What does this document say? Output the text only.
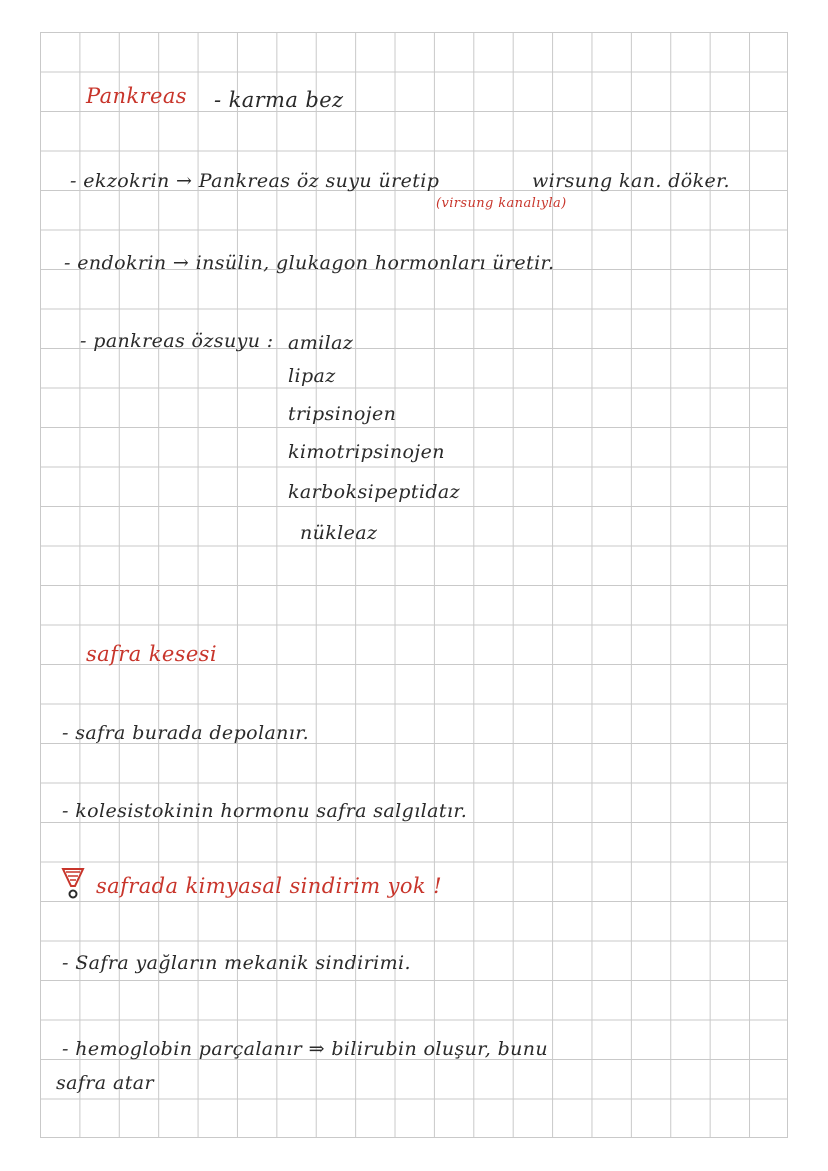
Pankreas - karma bez
- ekzokrin → Pankreas öz suyu üretip	wirsung kan. döker.
(virsung kanalıyla)
- endokrin → insülin, glukagon hormonları üretir.
- pankreas özsuyu : amilaz
lipaz
tripsinojen
kimotripsinojen
karboksipeptidaz
nükleaz
safra kesesi
- safra burada depolanır.
- kolesistokinin hormonu safra salgılatır.
safrada kimyasal sindirim yok !
- Safra yağların mekanik sindirimi.
- hemoglobin parçalanır ⇒ bilirubin oluşur, bunu
safra atar
